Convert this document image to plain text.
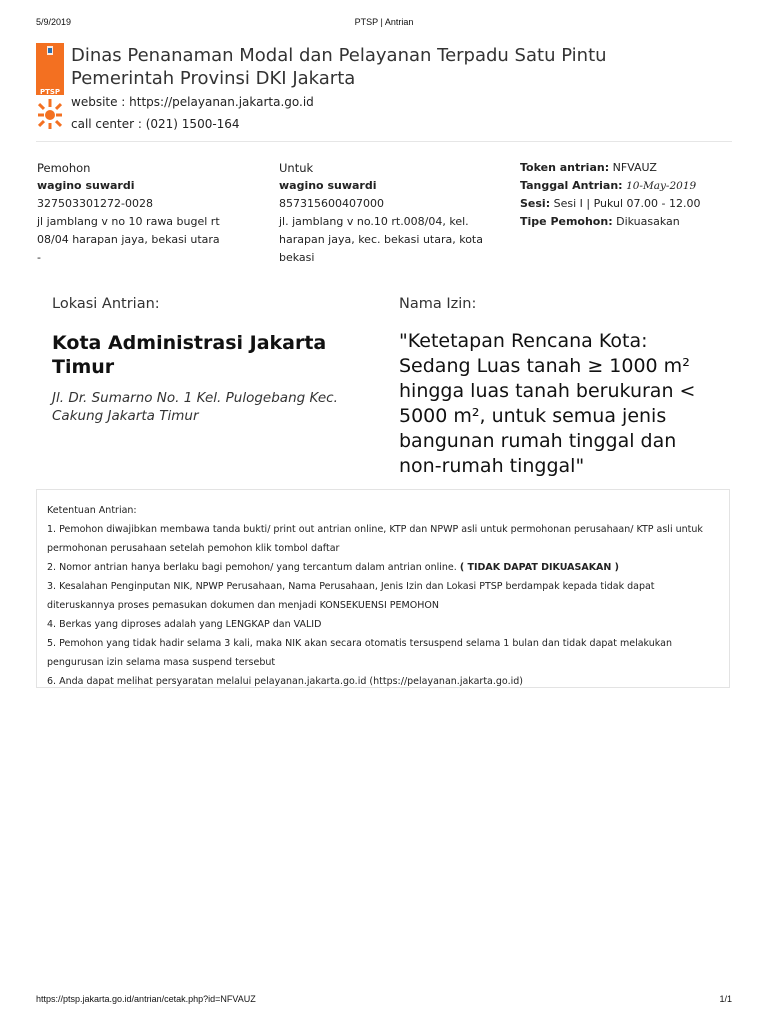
5/9/2019	PTSP | Antrian
PTSP
Dinas Penanaman Modal dan Pelayanan Terpadu Satu Pintu
Pemerintah Provinsi DKI Jakarta
website : https://pelayanan.jakarta.go.id
call center : (021) 1500-164
Pemohon
wagino suwardi
327503301272-0028
jl jamblang v no 10 rawa bugel rt
08/04 harapan jaya, bekasi utara
-
Untuk
wagino suwardi
857315600407000
jl. jamblang v no.10 rt.008/04, kel.
harapan jaya, kec. bekasi utara, kota
bekasi
Token antrian: NFVAUZ
Tanggal Antrian: 10-May-2019
Sesi: Sesi I | Pukul 07.00 - 12.00
Tipe Pemohon: Dikuasakan
Lokasi Antrian:
Kota Administrasi Jakarta
Timur
Jl. Dr. Sumarno No. 1 Kel. Pulogebang Kec.
Cakung Jakarta Timur
Nama Izin:
"Ketetapan Rencana Kota:
Sedang Luas tanah ≥ 1000 m²
hingga luas tanah berukuran <
5000 m², untuk semua jenis
bangunan rumah tinggal dan
non-rumah tinggal"
Ketentuan Antrian:
1. Pemohon diwajibkan membawa tanda bukti/ print out antrian online, KTP dan NPWP asli untuk permohonan perusahaan/ KTP asli untuk
permohonan perusahaan setelah pemohon klik tombol daftar
2. Nomor antrian hanya berlaku bagi pemohon/ yang tercantum dalam antrian online. ( TIDAK DAPAT DIKUASAKAN )
3. Kesalahan Penginputan NIK, NPWP Perusahaan, Nama Perusahaan, Jenis Izin dan Lokasi PTSP berdampak kepada tidak dapat
diteruskannya proses pemasukan dokumen dan menjadi KONSEKUENSI PEMOHON
4. Berkas yang diproses adalah yang LENGKAP dan VALID
5. Pemohon yang tidak hadir selama 3 kali, maka NIK akan secara otomatis tersuspend selama 1 bulan dan tidak dapat melakukan
pengurusan izin selama masa suspend tersebut
6. Anda dapat melihat persyaratan melalui pelayanan.jakarta.go.id (https://pelayanan.jakarta.go.id)
https://ptsp.jakarta.go.id/antrian/cetak.php?id=NFVAUZ	1/1
